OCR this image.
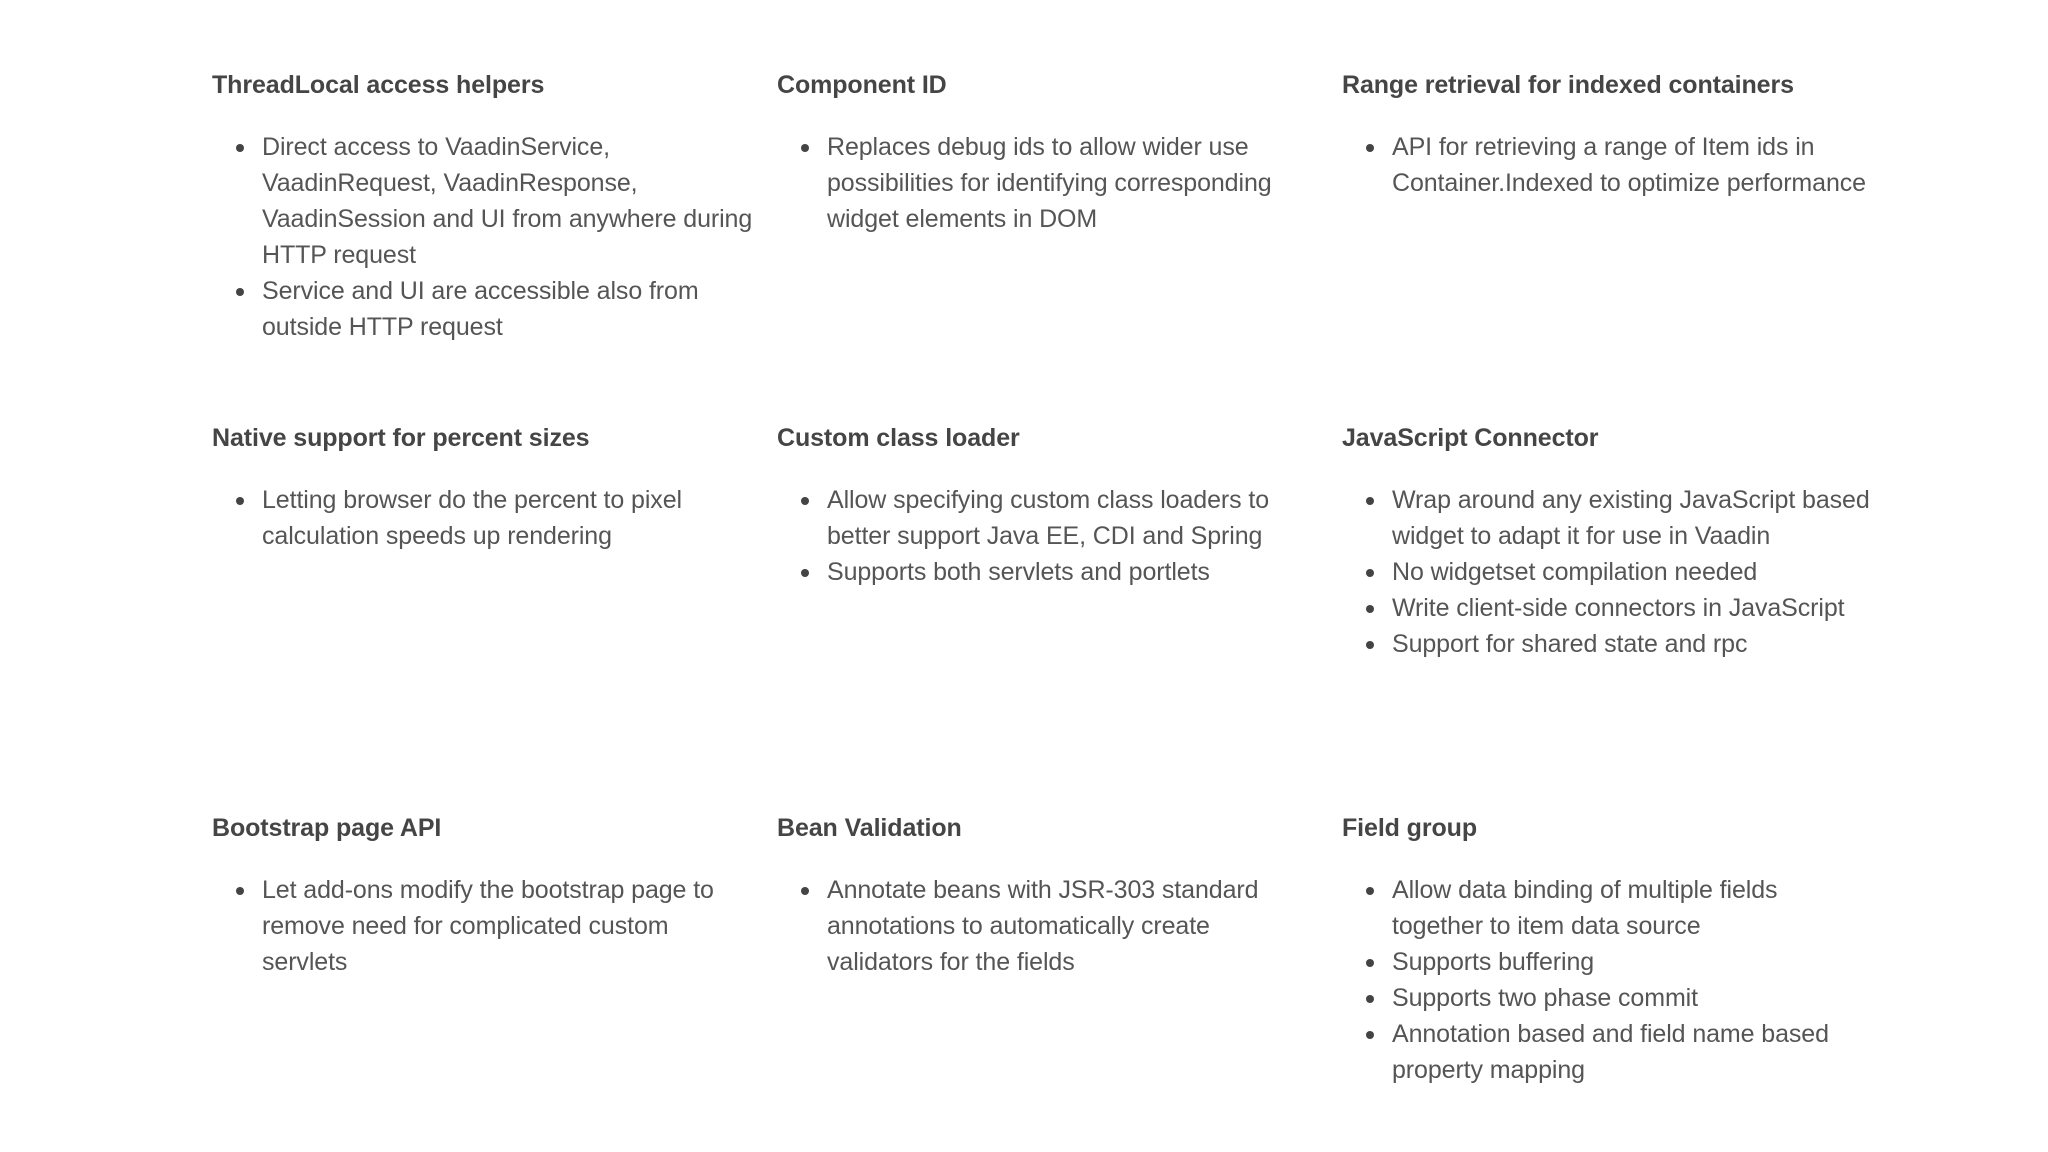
ThreadLocal access helpers
Direct access to VaadinService, VaadinRequest, VaadinResponse, VaadinSession and UI from anywhere during HTTP request
Service and UI are accessible also from outside HTTP request
Component ID
Replaces debug ids to allow wider use possibilities for identifying corresponding widget elements in DOM
Range retrieval for indexed containers
API for retrieving a range of Item ids in Container.Indexed to optimize performance
Native support for percent sizes
Letting browser do the percent to pixel calculation speeds up rendering
Custom class loader
Allow specifying custom class loaders to better support Java EE, CDI and Spring
Supports both servlets and portlets
JavaScript Connector
Wrap around any existing JavaScript based widget to adapt it for use in Vaadin
No widgetset compilation needed
Write client-side connectors in JavaScript
Support for shared state and rpc
Bootstrap page API
Let add-ons modify the bootstrap page to remove need for complicated custom servlets
Bean Validation
Annotate beans with JSR-303 standard annotations to automatically create validators for the fields
Field group
Allow data binding of multiple fields together to item data source
Supports buffering
Supports two phase commit
Annotation based and field name based property mapping
